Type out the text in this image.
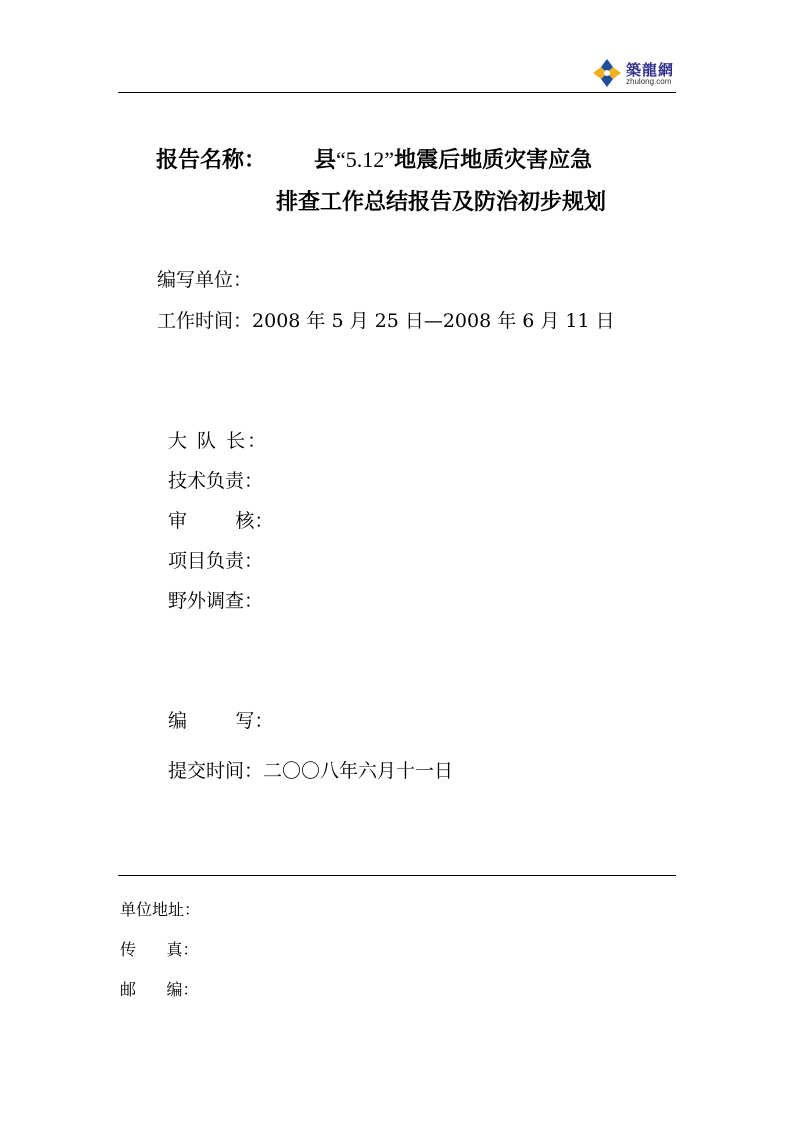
築龍網
zhulong.com
报告名称： 县“5.12”地震后地质灾害应急
排查工作总结报告及防治初步规划
编写单位：
工作时间：2008 年 5 月 25 日—2008 年 6 月 11 日
大 队 长：
技术负责：
审        核：
项目负责：
野外调查：
编        写：
提交时间：二〇〇八年六月十一日
单位地址：
传      真：
邮      编：
